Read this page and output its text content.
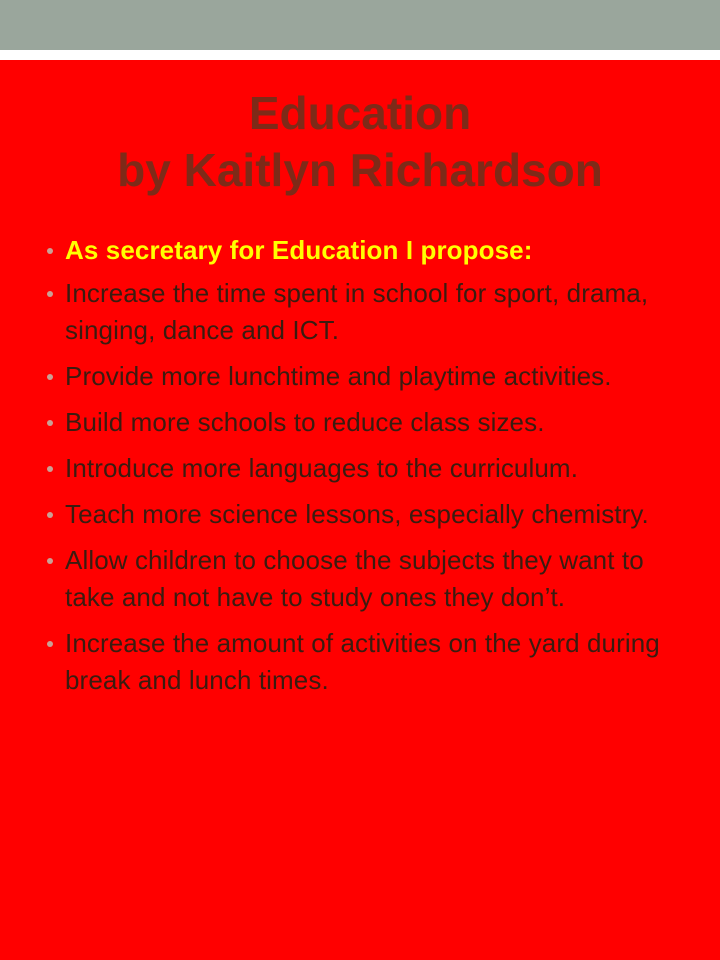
Education
by Kaitlyn Richardson
As secretary for Education I propose:
Increase the time spent in school for sport, drama, singing, dance and ICT.
Provide more lunchtime and playtime activities.
Build more schools to reduce class sizes.
Introduce more languages to the curriculum.
Teach more science lessons, especially chemistry.
Allow children to choose the subjects they want to take and not have to study ones they don’t.
Increase the amount of activities on the yard during break and lunch times.
